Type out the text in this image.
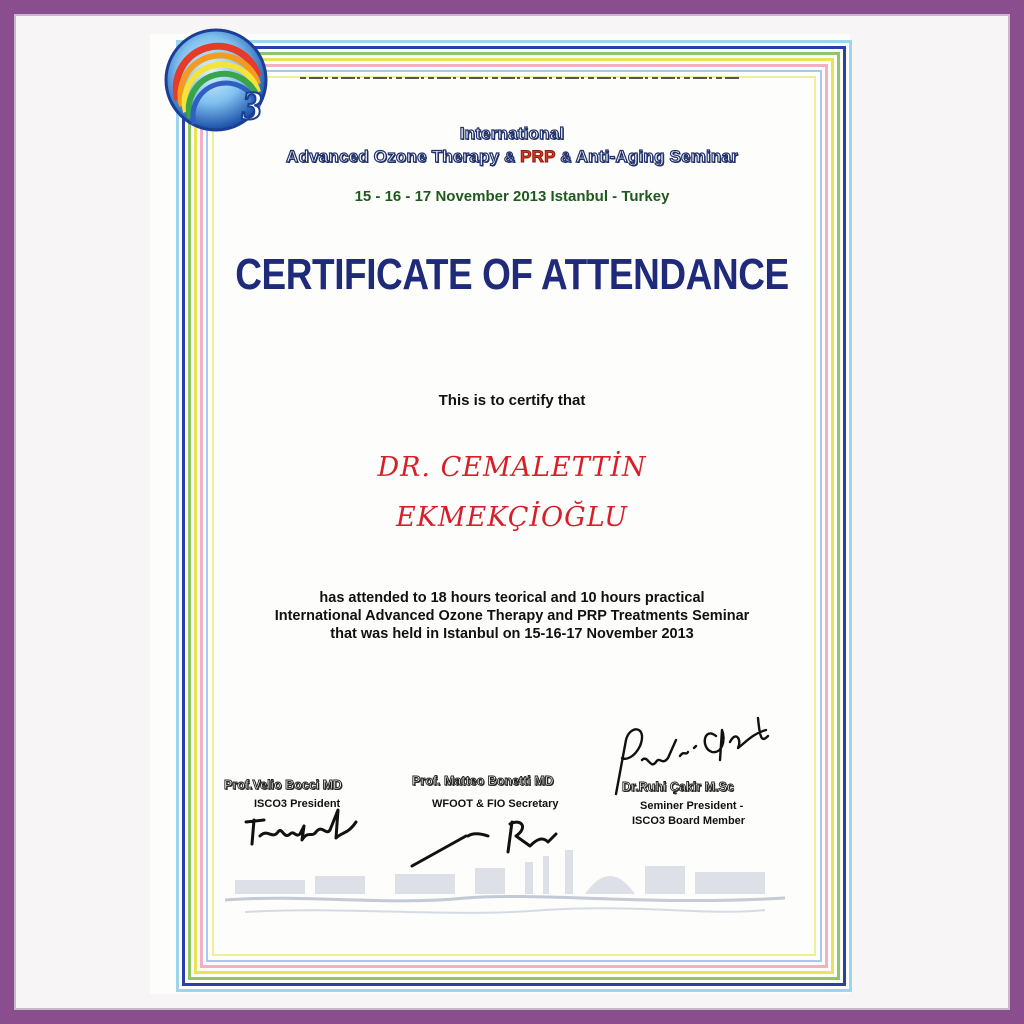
3
International
Advanced Ozone Therapy & PRP & Anti-Aging Seminar
15 - 16 - 17 November 2013 Istanbul - Turkey
CERTIFICATE OF ATTENDANCE
This is to certify that
DR. CEMALETTİN
EKMEKÇİOĞLU
has attended to 18 hours teorical and 10 hours practical
International Advanced Ozone Therapy and PRP Treatments Seminar
that was held in Istanbul on 15-16-17 November 2013
Prof.Velio Bocci MD
ISCO3 President
Prof. Matteo Bonetti MD
WFOOT & FIO Secretary
Dr.Ruhi Çakir M.Sc
Seminer President -
ISCO3 Board Member
